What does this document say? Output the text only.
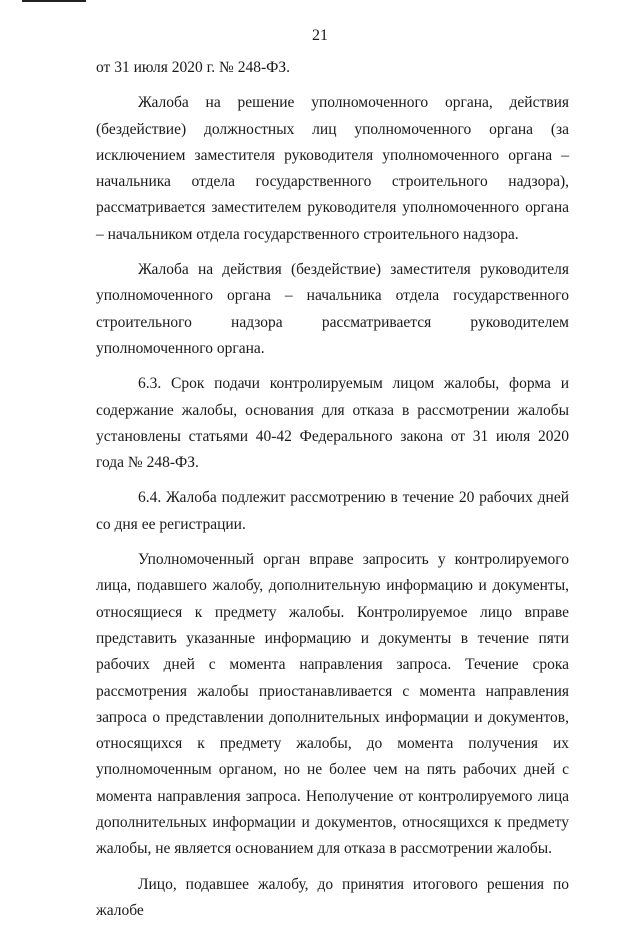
21

от 31 июля 2020 г. № 248-ФЗ.

Жалоба на решение уполномоченного органа, действия (бездействие) должностных лиц уполномоченного органа (за исключением заместителя руководителя уполномоченного органа – начальника отдела государственного строительного надзора), рассматривается заместителем руководителя уполномоченного органа – начальником отдела государственного строительного надзора.

Жалоба на действия (бездействие) заместителя руководителя уполномоченного органа – начальника отдела государственного строительного надзора рассматривается руководителем уполномоченного органа.

6.3. Срок подачи контролируемым лицом жалобы, форма и содержание жалобы, основания для отказа в рассмотрении жалобы установлены статьями 40-42 Федерального закона от 31 июля 2020 года № 248-ФЗ.

6.4. Жалоба подлежит рассмотрению в течение 20 рабочих дней со дня ее регистрации.

Уполномоченный орган вправе запросить у контролируемого лица, подавшего жалобу, дополнительную информацию и документы, относящиеся к предмету жалобы. Контролируемое лицо вправе представить указанные информацию и документы в течение пяти рабочих дней с момента направления запроса. Течение срока рассмотрения жалобы приостанавливается с момента направления запроса о представлении дополнительных информации и документов, относящихся к предмету жалобы, до момента получения их уполномоченным органом, но не более чем на пять рабочих дней с момента направления запроса. Неполучение от контролируемого лица дополнительных информации и документов, относящихся к предмету жалобы, не является основанием для отказа в рассмотрении жалобы.

Лицо, подавшее жалобу, до принятия итогового решения по жалобе
